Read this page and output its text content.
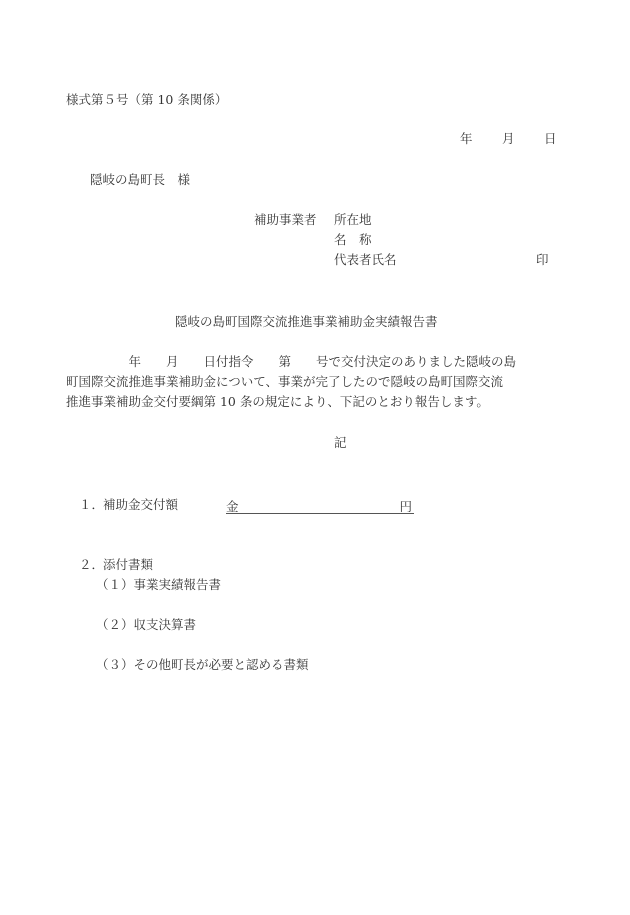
様式第５号（第 10 条関係）
年 月 日
隠岐の島町長　様
補助事業者 所在地
名　称
代表者氏名	印
隠岐の島町国際交流推進事業補助金実績報告書
　　　　　年　　月　　日付指令　　第　　号で交付決定のありました隠岐の島
町国際交流推進事業補助金について、事業が完了したので隠岐の島町国際交流
推進事業補助金交付要綱第 10 条の規定により、下記のとおり報告します。
記
１．補助金交付額	金	円
２．添付書類
（１）事業実績報告書
（２）収支決算書
（３）その他町長が必要と認める書類
